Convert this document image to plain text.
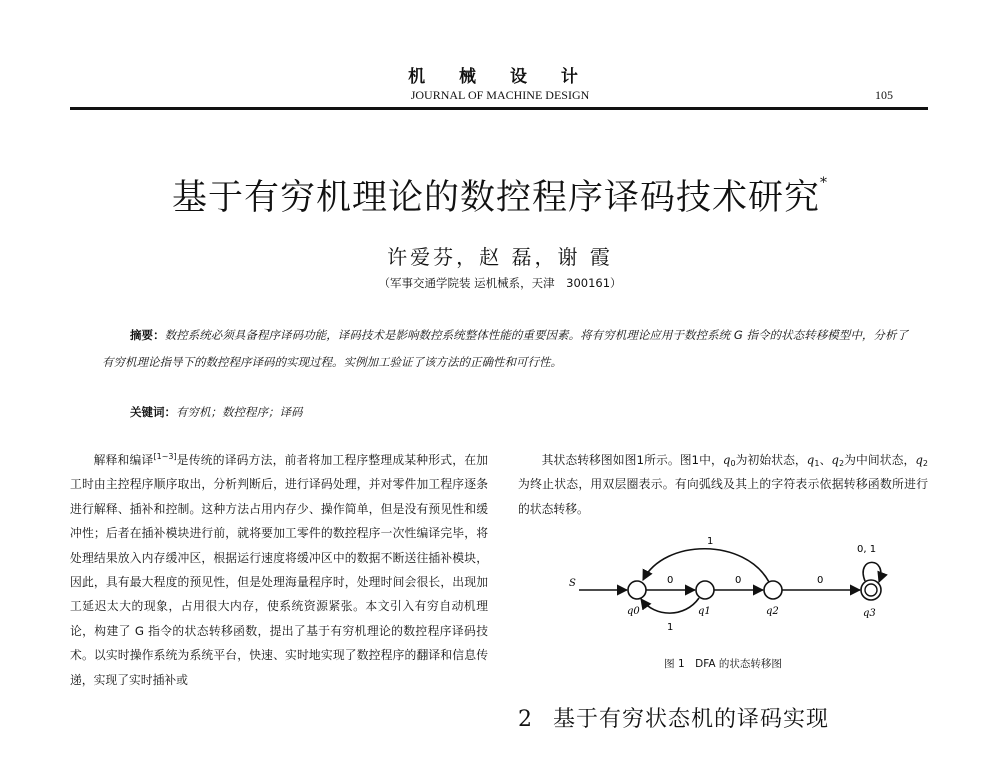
机 械 设 计
JOURNAL OF MACHINE DESIGN	105
基于有穷机理论的数控程序译码技术研究*
许爱芬，赵 磊，谢 霞
（军事交通学院装 运机械系，天津　300161）
摘要：数控系统必须具备程序译码功能，译码技术是影响数控系统整体性能的重要因素。将有穷机理论应用于数控系统 G 指令的状态转移模型中，分析了有穷机理论指导下的数控程序译码的实现过程。实例加工验证了该方法的正确性和可行性。
关键词：有穷机；数控程序；译码
解释和编译[1~3]是传统的译码方法，前者将加工程序整理成某种形式，在加工时由主控程序顺序取出，分析判断后，进行译码处理，并对零件加工程序逐条进行解释、插补和控制。这种方法占用内存少、操作简单，但是没有预见性和缓冲性；后者在插补模块进行前，就将要加工零件的数控程序一次性编译完毕，将处理结果放入内存缓冲区，根据运行速度将缓冲区中的数据不断送往插补模块，因此，具有最大程度的预见性，但是处理海量程序时，处理时间会很长，出现加工延迟太大的现象，占用很大内存，使系统资源紧张。本文引入有穷自动机理论，构建了 G 指令的状态转移函数，提出了基于有穷机理论的数控程序译码技术。以实时操作系统为系统平台，快速、实时地实现了数控程序的翻译和信息传递，实现了实时插补或
其状态转移图如图1所示。图1中，$q_0$为初始状态，$q_1$、$q_2$为中间状态，$q_2$为终止状态，用双层圈表示。有向弧线及其上的字符表示依据转移函数所进行的状态转移。
S	0	0	0
1
1
0, 1
q0	q1	q2	q3
图 1　DFA 的状态转移图
2 基于有穷状态机的译码实现
